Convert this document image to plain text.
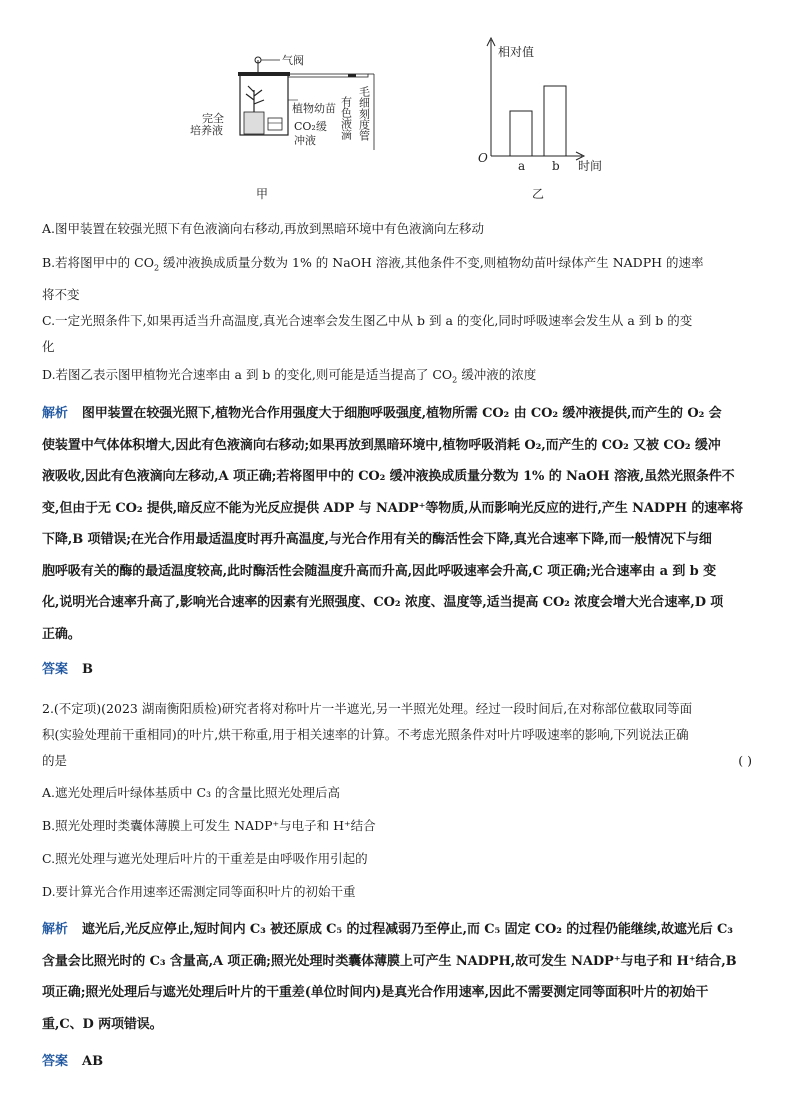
气阀
植物幼苗
CO₂缓
冲液
完全
培养液	有色液滴 毛细刻度管
甲
相对值
时间
O
a b
乙
A.图甲装置在较强光照下有色液滴向右移动,再放到黑暗环境中有色液滴向左移动
B.若将图甲中的 $CO_2$ 缓冲液换成质量分数为 1% 的 NaOH 溶液,其他条件不变,则植物幼苗叶绿体产生 NADPH 的速率
将不变
C.一定光照条件下,如果再适当升高温度,真光合速率会发生图乙中从 b 到 a 的变化,同时呼吸速率会发生从 a 到 b 的变
化
D.若图乙表示图甲植物光合速率由 a 到 b 的变化,则可能是适当提高了 $CO_2$ 缓冲液的浓度
解析 图甲装置在较强光照下,植物光合作用强度大于细胞呼吸强度,植物所需 CO₂ 由 CO₂ 缓冲液提供,而产生的 O₂ 会
使装置中气体体积增大,因此有色液滴向右移动;如果再放到黑暗环境中,植物呼吸消耗 O₂,而产生的 CO₂ 又被 CO₂ 缓冲
液吸收,因此有色液滴向左移动,A 项正确;若将图甲中的 CO₂ 缓冲液换成质量分数为 1% 的 NaOH 溶液,虽然光照条件不
变,但由于无 CO₂ 提供,暗反应不能为光反应提供 ADP 与 NADP⁺等物质,从而影响光反应的进行,产生 NADPH 的速率将
下降,B 项错误;在光合作用最适温度时再升高温度,与光合作用有关的酶活性会下降,真光合速率下降,而一般情况下与细
胞呼吸有关的酶的最适温度较高,此时酶活性会随温度升高而升高,因此呼吸速率会升高,C 项正确;光合速率由 a 到 b 变
化,说明光合速率升高了,影响光合速率的因素有光照强度、CO₂ 浓度、温度等,适当提高 CO₂ 浓度会增大光合速率,D 项
正确。
答案 B
2.(不定项)(2023 湖南衡阳质检)研究者将对称叶片一半遮光,另一半照光处理。经过一段时间后,在对称部位截取同等面
积(实验处理前干重相同)的叶片,烘干称重,用于相关速率的计算。不考虑光照条件对叶片呼吸速率的影响,下列说法正确
的是	( )
A.遮光处理后叶绿体基质中 C₃ 的含量比照光处理后高
B.照光处理时类囊体薄膜上可发生 NADP⁺与电子和 H⁺结合
C.照光处理与遮光处理后叶片的干重差是由呼吸作用引起的
D.要计算光合作用速率还需测定同等面积叶片的初始干重
解析 遮光后,光反应停止,短时间内 C₃ 被还原成 C₅ 的过程减弱乃至停止,而 C₅ 固定 CO₂ 的过程仍能继续,故遮光后 C₃
含量会比照光时的 C₃ 含量高,A 项正确;照光处理时类囊体薄膜上可产生 NADPH,故可发生 NADP⁺与电子和 H⁺结合,B
项正确;照光处理后与遮光处理后叶片的干重差(单位时间内)是真光合作用速率,因此不需要测定同等面积叶片的初始干
重,C、D 两项错误。
答案 AB
